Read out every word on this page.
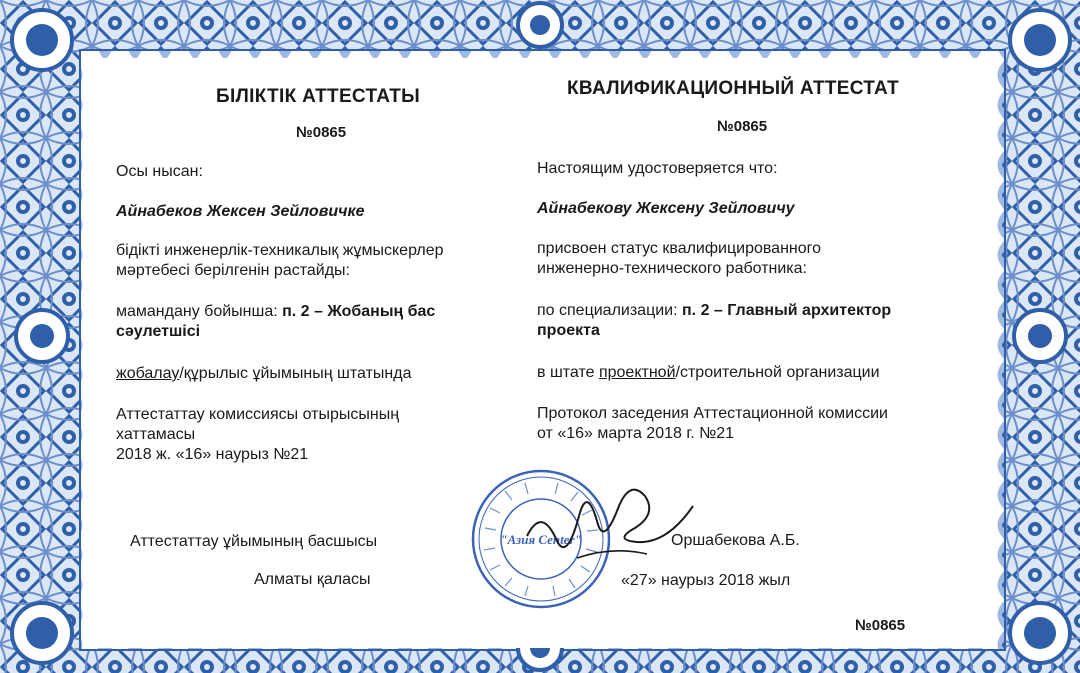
БІЛІКТІК АТТЕСТАТЫ
№0865
Осы нысан:
Айнабеков Жексен Зейловичке
бідікті инженерлік-техникалық жұмыскерлер
мәртебесі берілгенін растайды:
мамандану бойынша: п. 2 – Жобаның бас
сәулетшісі
жобалау/құрылыс ұйымының штатында
Аттестаттау комиссиясы отырысының
хаттамасы
2018 ж. «16» наурыз №21
Аттестаттау ұйымының басшысы
Алматы қаласы
КВАЛИФИКАЦИОННЫЙ АТТЕСТАТ
№0865
Настоящим удостоверяется что:
Айнабекову Жексену Зейловичу
присвоен статус квалифицированного
инженерно-технического работника:
по специализации: п. 2 – Главный архитектор
проекта
в штате проектной/строительной организации
Протокол заседения Аттестационной комиссии
от «16» марта 2018 г. №21
Оршабекова А.Б.
«27» наурыз 2018 жыл
"Азия Center"
№0865
